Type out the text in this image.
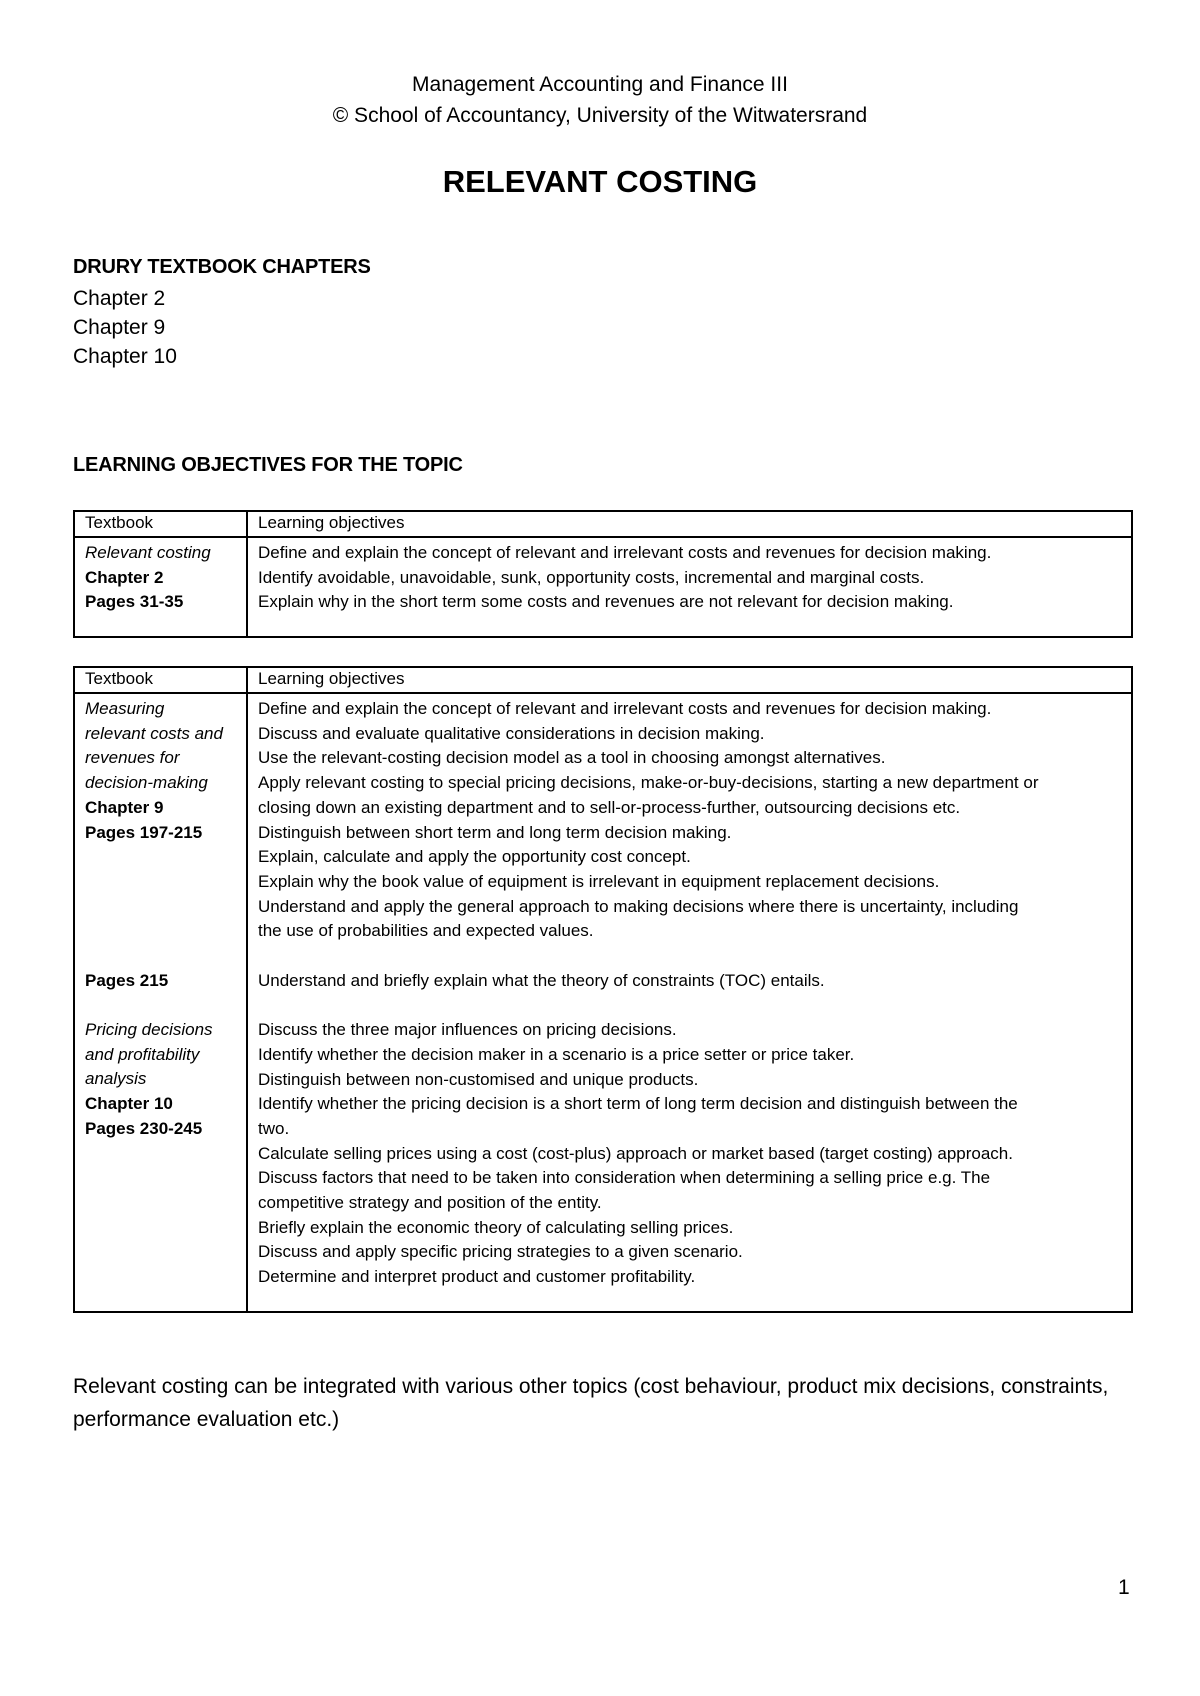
Management Accounting and Finance III
© School of Accountancy, University of the Witwatersrand
RELEVANT COSTING
DRURY TEXTBOOK CHAPTERS
Chapter 2
Chapter 9
Chapter 10
LEARNING OBJECTIVES FOR THE TOPIC
Textbook	Learning objectives
Relevant costing
Chapter 2
Pages 31-35
Define and explain the concept of relevant and irrelevant costs and revenues for decision making.
Identify avoidable, unavoidable, sunk, opportunity costs, incremental and marginal costs.
Explain why in the short term some costs and revenues are not relevant for decision making.
Textbook	Learning objectives
Measuring
relevant costs and
revenues for
decision-making
Chapter 9
Pages 197-215
Pages 215
Pricing decisions
and profitability
analysis
Chapter 10
Pages 230-245
Define and explain the concept of relevant and irrelevant costs and revenues for decision making.
Discuss and evaluate qualitative considerations in decision making.
Use the relevant-costing decision model as a tool in choosing amongst alternatives.
Apply relevant costing to special pricing decisions, make-or-buy-decisions, starting a new department or
closing down an existing department and to sell-or-process-further, outsourcing decisions etc.
Distinguish between short term and long term decision making.
Explain, calculate and apply the opportunity cost concept.
Explain why the book value of equipment is irrelevant in equipment replacement decisions.
Understand and apply the general approach to making decisions where there is uncertainty, including
the use of probabilities and expected values.
Understand and briefly explain what the theory of constraints (TOC) entails.
Discuss the three major influences on pricing decisions.
Identify whether the decision maker in a scenario is a price setter or price taker.
Distinguish between non-customised and unique products.
Identify whether the pricing decision is a short term of long term decision and distinguish between the
two.
Calculate selling prices using a cost (cost-plus) approach or market based (target costing) approach.
Discuss factors that need to be taken into consideration when determining a selling price e.g. The
competitive strategy and position of the entity.
Briefly explain the economic theory of calculating selling prices.
Discuss and apply specific pricing strategies to a given scenario.
Determine and interpret product and customer profitability.
Relevant costing can be integrated with various other topics (cost behaviour, product mix decisions, constraints, performance evaluation etc.)
1
